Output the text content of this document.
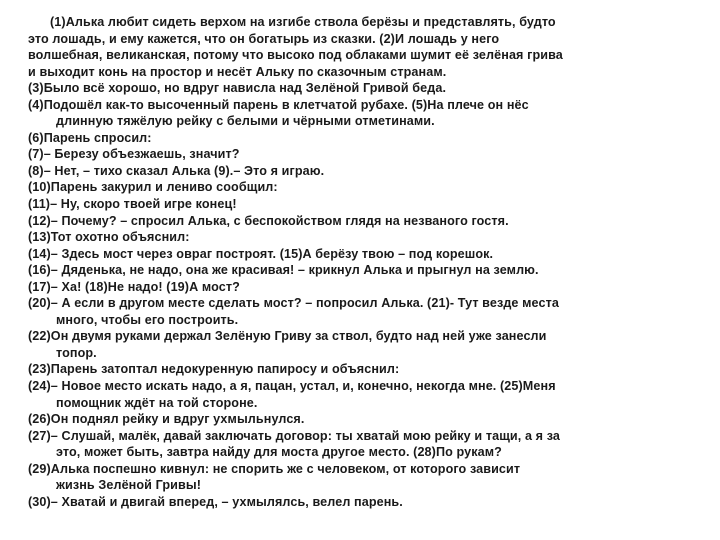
(1)Алька любит сидеть верхом на изгибе ствола берёзы и представлять, будто
это лошадь, и ему кажется, что он богатырь из сказки. (2)И лошадь у него
волшебная, великанская, потому что высоко под облаками шумит её зелёная грива
и выходит конь на простор и несёт Альку по сказочным странам.
(3)Было всё хорошо, но вдруг нависла над Зелёной Гривой беда.
(4)Подошёл как-то высоченный парень в клетчатой рубахе. (5)На плече он нёс
длинную тяжёлую рейку с белыми и чёрными отметинами.
(6)Парень спросил:
(7)– Березу объезжаешь, значит?
(8)– Нет, – тихо сказал Алька (9).– Это я играю.
(10)Парень закурил и лениво сообщил:
(11)– Ну, скоро твоей игре конец!
(12)– Почему? – спросил Алька, с беспокойством глядя на незваного гостя.
(13)Тот охотно объяснил:
(14)– Здесь мост через овраг построят. (15)А берёзу твою – под корешок.
(16)– Дяденька, не надо, она же красивая! – крикнул Алька и прыгнул на землю.
(17)– Ха! (18)Не надо! (19)А мост?
(20)– А если в другом месте сделать мост? – попросил Алька. (21)- Тут везде места
много, чтобы его построить.
(22)Он двумя руками держал Зелёную Гриву за ствол, будто над ней уже занесли
топор.
(23)Парень затоптал недокуренную папиросу и объяснил:
(24)– Новое место искать надо, а я, пацан, устал, и, конечно, некогда мне. (25)Меня
помощник ждёт на той стороне.
(26)Он поднял рейку и вдруг ухмыльнулся.
(27)– Слушай, малёк, давай заключать договор: ты хватай мою рейку и тащи, а я за
это, может быть, завтра найду для моста другое место. (28)По рукам?
(29)Алька поспешно кивнул: не спорить же с человеком, от которого зависит
жизнь Зелёной Гривы!
(30)– Хватай и двигай вперед, – ухмылялсь, велел парень.
